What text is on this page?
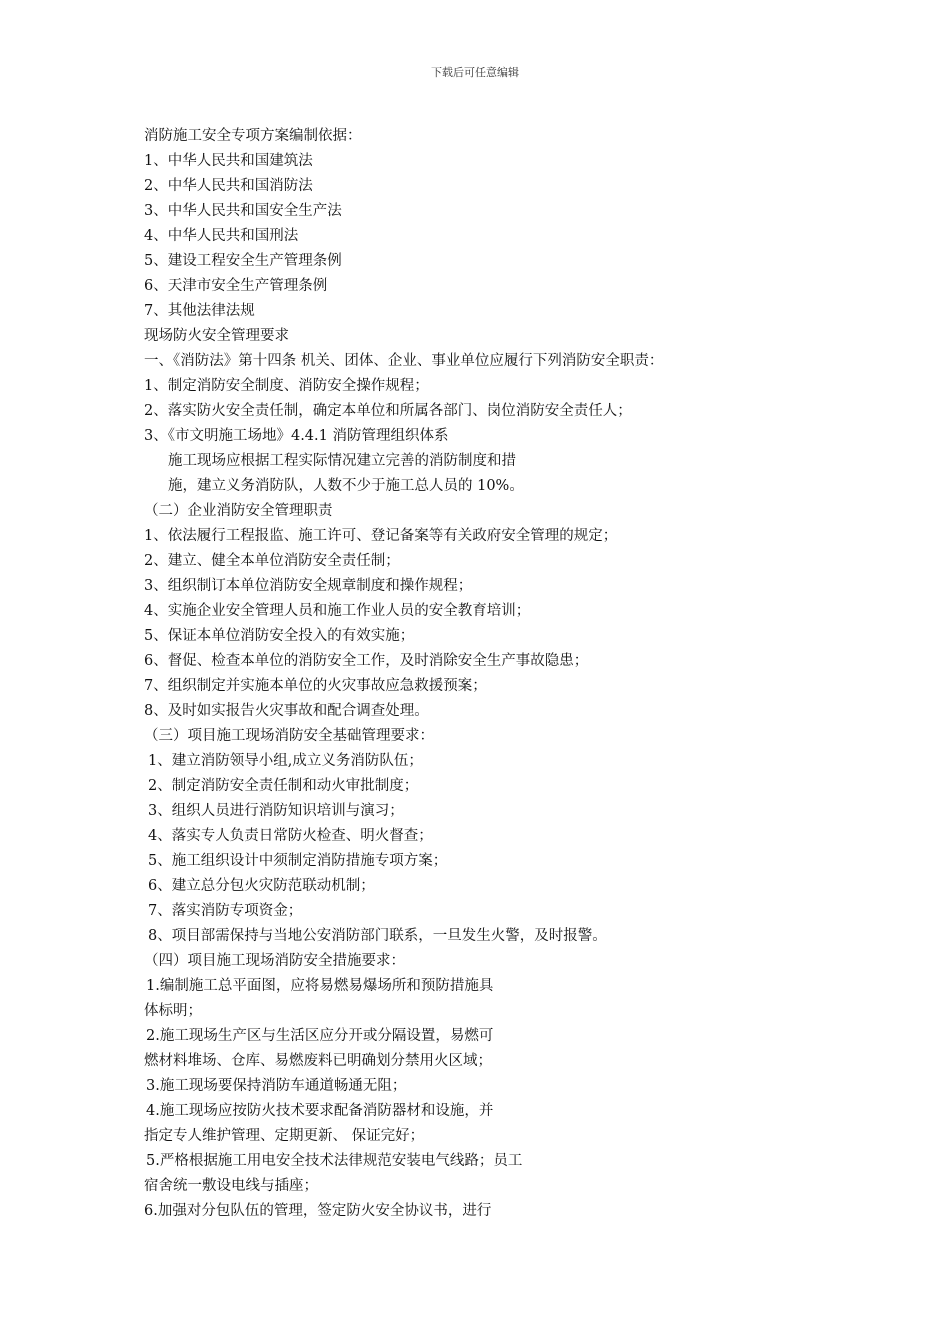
下载后可任意编辑
消防施工安全专项方案编制依据：
1、中华人民共和国建筑法
2、中华人民共和国消防法
3、中华人民共和国安全生产法
4、中华人民共和国刑法
5、建设工程安全生产管理条例
6、天津市安全生产管理条例
7、其他法律法规
现场防火安全管理要求
一、《消防法》第十四条 机关、团体、企业、事业单位应履行下列消防安全职责：
1、制定消防安全制度、消防安全操作规程；
2、落实防火安全责任制，确定本单位和所属各部门、岗位消防安全责任人；
3、《市文明施工场地》4.4.1 消防管理组织体系
施工现场应根据工程实际情况建立完善的消防制度和措
施，建立义务消防队，人数不少于施工总人员的 10%。
（二）企业消防安全管理职责
1、依法履行工程报监、施工许可、登记备案等有关政府安全管理的规定；
2、建立、健全本单位消防安全责任制；
3、组织制订本单位消防安全规章制度和操作规程；
4、实施企业安全管理人员和施工作业人员的安全教育培训；
5、保证本单位消防安全投入的有效实施；
6、督促、检查本单位的消防安全工作，及时消除安全生产事故隐患；
7、组织制定并实施本单位的火灾事故应急救援预案；
8、及时如实报告火灾事故和配合调查处理。
（三）项目施工现场消防安全基础管理要求：
1、建立消防领导小组,成立义务消防队伍；
2、制定消防安全责任制和动火审批制度；
3、组织人员进行消防知识培训与演习；
4、落实专人负责日常防火检查、明火督查；
5、施工组织设计中须制定消防措施专项方案；
6、建立总分包火灾防范联动机制；
7、落实消防专项资金；
8、项目部需保持与当地公安消防部门联系，一旦发生火警，及时报警。
（四）项目施工现场消防安全措施要求：
1.编制施工总平面图，应将易燃易爆场所和预防措施具
体标明；
2.施工现场生产区与生活区应分开或分隔设置，易燃可
燃材料堆场、仓库、易燃废料已明确划分禁用火区域；
3.施工现场要保持消防车通道畅通无阻；
4.施工现场应按防火技术要求配备消防器材和设施，并
指定专人维护管理、定期更新、 保证完好；
5.严格根据施工用电安全技术法律规范安装电气线路；员工
宿舍统一敷设电线与插座；
6.加强对分包队伍的管理，签定防火安全协议书，进行
